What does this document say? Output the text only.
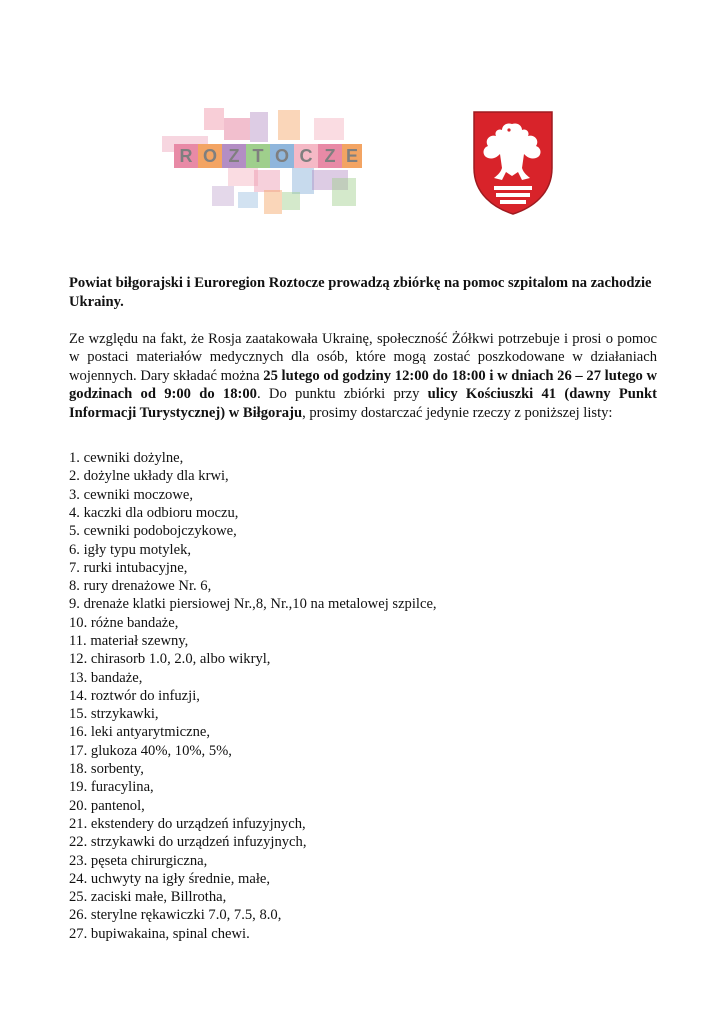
R O Z T O C Z E

Powiat biłgorajski i Euroregion Roztocze prowadzą zbiórkę na pomoc szpitalom na zachodzie Ukrainy.

Ze względu na fakt, że Rosja zaatakowała Ukrainę, społeczność Żółkwi potrzebuje i prosi o pomoc w postaci materiałów medycznych dla osób, które mogą zostać poszkodowane w działaniach wojennych. Dary składać można 25 lutego od godziny 12:00 do 18:00 i w dniach 26 – 27 lutego w godzinach od 9:00 do 18:00. Do punktu zbiórki przy ulicy Kościuszki 41 (dawny Punkt Informacji Turystycznej) w Biłgoraju, prosimy dostarczać jedynie rzeczy z poniższej listy:

1. cewniki dożylne,
2. dożylne układy dla krwi,
3. cewniki moczowe,
4. kaczki dla odbioru moczu,
5. cewniki podobojczykowe,
6. igły typu motylek,
7. rurki intubacyjne,
8. rury drenażowe Nr. 6,
9. drenaże klatki piersiowej Nr.,8, Nr.,10 na metalowej szpilce,
10. różne bandaże,
11. materiał szewny,
12. chirasorb 1.0, 2.0, albo wikryl,
13. bandaże,
14. roztwór do infuzji,
15. strzykawki,
16. leki antyarytmiczne,
17. glukoza 40%, 10%, 5%,
18. sorbenty,
19. furacylina,
20. pantenol,
21. ekstendery do urządzeń infuzyjnych,
22. strzykawki do urządzeń infuzyjnych,
23. pęseta chirurgiczna,
24. uchwyty na igły średnie, małe,
25. zaciski małe, Billrotha,
26. sterylne rękawiczki 7.0, 7.5, 8.0,
27. bupiwakaina, spinal chewi.
